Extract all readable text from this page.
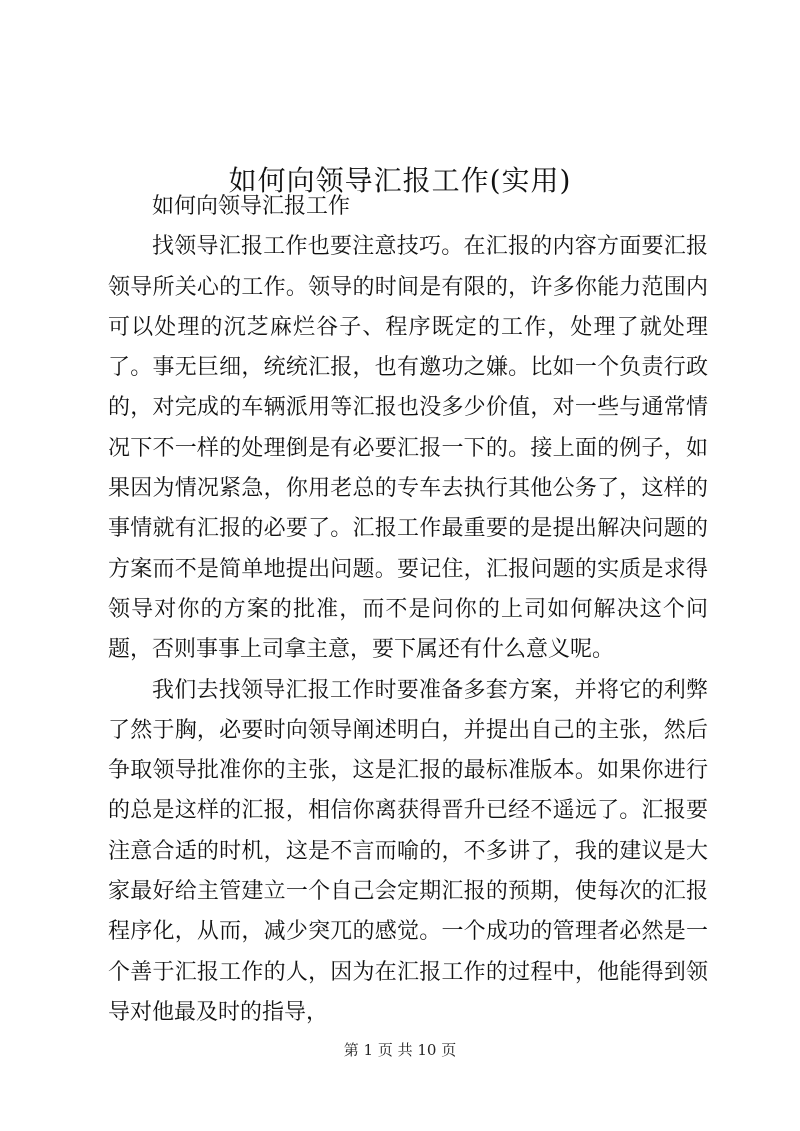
如何向领导汇报工作(实用)

如何向领导汇报工作

找领导汇报工作也要注意技巧。在汇报的内容方面要汇报领导所关心的工作。领导的时间是有限的，许多你能力范围内可以处理的沉芝麻烂谷子、程序既定的工作，处理了就处理了。事无巨细，统统汇报，也有邀功之嫌。比如一个负责行政的，对完成的车辆派用等汇报也没多少价值，对一些与通常情况下不一样的处理倒是有必要汇报一下的。接上面的例子，如果因为情况紧急，你用老总的专车去执行其他公务了，这样的事情就有汇报的必要了。汇报工作最重要的是提出解决问题的方案而不是简单地提出问题。要记住，汇报问题的实质是求得领导对你的方案的批准，而不是问你的上司如何解决这个问题，否则事事上司拿主意，要下属还有什么意义呢。

我们去找领导汇报工作时要准备多套方案，并将它的利弊了然于胸，必要时向领导阐述明白，并提出自己的主张，然后争取领导批准你的主张，这是汇报的最标准版本。如果你进行的总是这样的汇报，相信你离获得晋升已经不遥远了。汇报要注意合适的时机，这是不言而喻的，不多讲了，我的建议是大家最好给主管建立一个自己会定期汇报的预期，使每次的汇报程序化，从而，减少突兀的感觉。一个成功的管理者必然是一个善于汇报工作的人，因为在汇报工作的过程中，他能得到领导对他最及时的指导，

第 1 页 共 10 页
